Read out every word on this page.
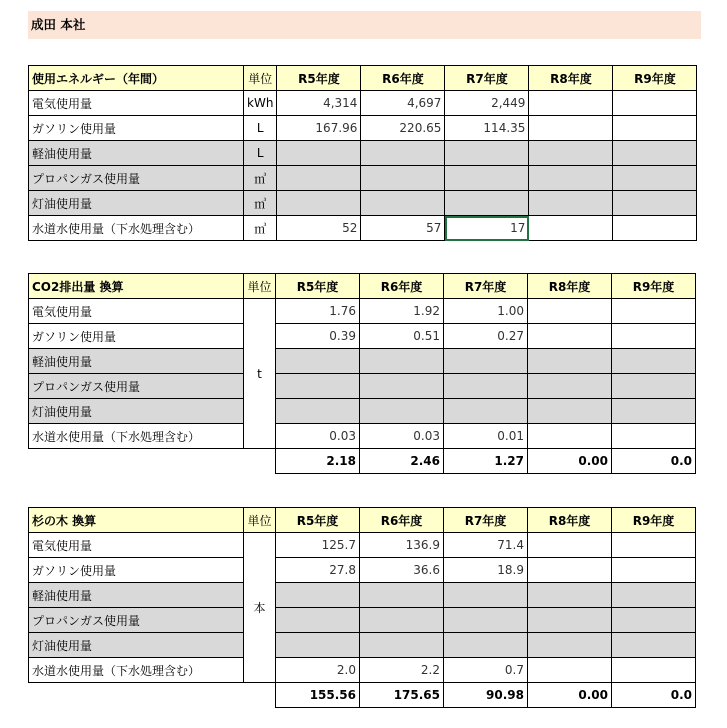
成田 本社
使用エネルギー（年間）	単位	R5年度	R6年度	R7年度	R8年度	R9年度
電気使用量	kWh	4,314	4,697	2,449		
ガソリン使用量	L	167.96	220.65	114.35		
軽油使用量	L					
プロパンガス使用量	㎥					
灯油使用量	㎥					
水道水使用量（下水処理含む）	㎥	52	57	17		
CO2排出量 換算	単位	R5年度	R6年度	R7年度	R8年度	R9年度
電気使用量	t	1.76	1.92	1.00		
ガソリン使用量		0.39	0.51	0.27		
軽油使用量						
プロパンガス使用量						
灯油使用量						
水道水使用量（下水処理含む）		0.03	0.03	0.01		
		2.18	2.46	1.27	0.00	0.0
杉の木 換算	単位	R5年度	R6年度	R7年度	R8年度	R9年度
電気使用量	本	125.7	136.9	71.4		
ガソリン使用量		27.8	36.6	18.9		
軽油使用量						
プロパンガス使用量						
灯油使用量						
水道水使用量（下水処理含む）		2.0	2.2	0.7		
		155.56	175.65	90.98	0.00	0.0
